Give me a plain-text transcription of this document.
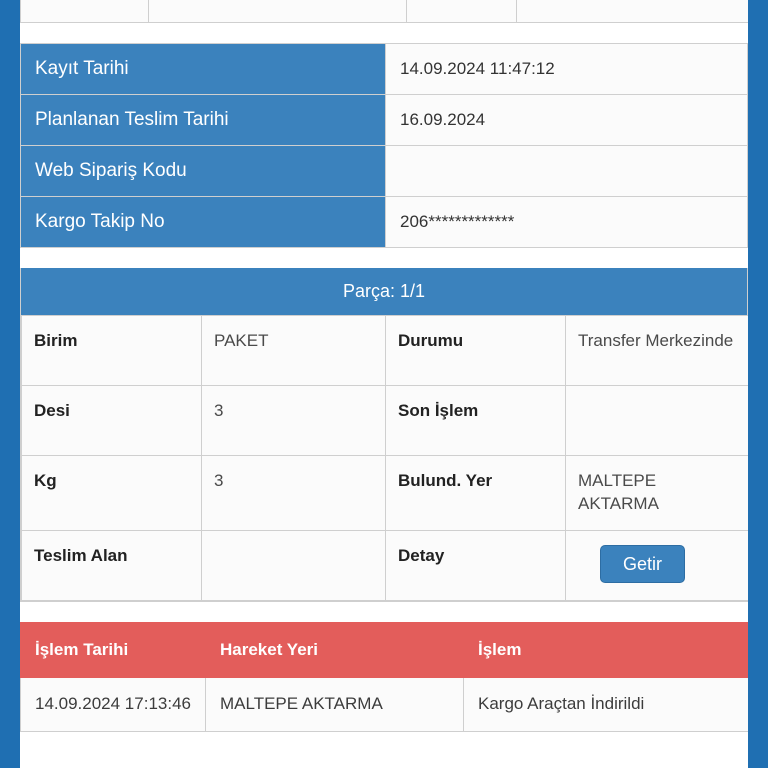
Kayıt Tarihi	14.09.2024 11:47:12
Planlanan Teslim Tarihi	16.09.2024
Web Sipariş Kodu	
Kargo Takip No	206*************
Parça: 1/1
Birim	PAKET	Durumu	Transfer Merkezinde
Desi	3	Son İşlem	
Kg	3	Bulund. Yer	MALTEPE AKTARMA
Teslim Alan		Detay	Getir
İşlem Tarihi	Hareket Yeri	İşlem
14.09.2024 17:13:46	MALTEPE AKTARMA	Kargo Araçtan İndirildi
